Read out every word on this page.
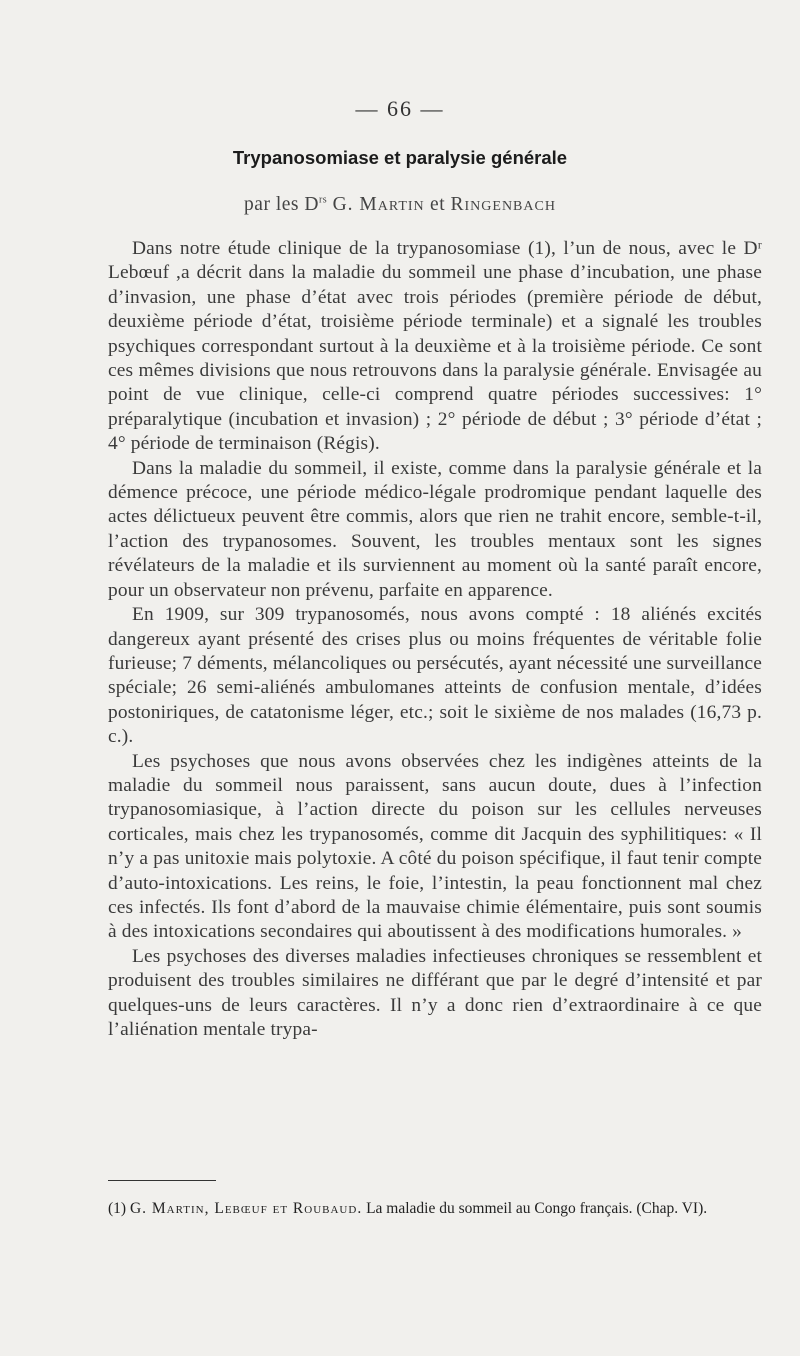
— 66 —
Trypanosomiase et paralysie générale
par les $D^{rs}$ G. Martin et Ringenbach

Dans notre étude clinique de la trypanosomiase (1), l’un de nous, avec le Dʳ Lebœuf ,a décrit dans la maladie du sommeil une phase d’incubation, une phase d’invasion, une phase d’état avec trois périodes (première période de début, deuxième période d’état, troisième période terminale) et a signalé les troubles psychiques correspondant surtout à la deuxième et à la troisième période. Ce sont ces mêmes divisions que nous retrouvons dans la paralysie générale. Envisagée au point de vue clinique, celle-ci comprend quatre périodes successives: 1° préparalytique (incubation et invasion) ; 2° période de début ; 3° période d’état ; 4° période de terminaison (Régis).

Dans la maladie du sommeil, il existe, comme dans la paralysie générale et la démence précoce, une période médico-légale prodromique pendant laquelle des actes délictueux peuvent être commis, alors que rien ne trahit encore, semble-t-il, l’action des trypanosomes. Souvent, les troubles mentaux sont les signes révélateurs de la maladie et ils surviennent au moment où la santé paraît encore, pour un observateur non prévenu, parfaite en apparence.

En 1909, sur 309 trypanosomés, nous avons compté : 18 aliénés excités dangereux ayant présenté des crises plus ou moins fréquentes de véritable folie furieuse; 7 déments, mélancoliques ou persécutés, ayant nécessité une surveillance spéciale; 26 semi-aliénés ambulomanes atteints de confusion mentale, d’idées postoniriques, de catatonisme léger, etc.; soit le sixième de nos malades (16,73 p. c.).

Les psychoses que nous avons observées chez les indigènes atteints de la maladie du sommeil nous paraissent, sans aucun doute, dues à l’infection trypanosomiasique, à l’action directe du poison sur les cellules nerveuses corticales, mais chez les trypanosomés, comme dit Jacquin des syphilitiques: « Il n’y a pas unitoxie mais polytoxie. A côté du poison spécifique, il faut tenir compte d’auto-intoxications. Les reins, le foie, l’intestin, la peau fonctionnent mal chez ces infectés. Ils font d’abord de la mauvaise chimie élémentaire, puis sont soumis à des intoxications secondaires qui aboutissent à des modifications humorales. »

Les psychoses des diverses maladies infectieuses chroniques se ressemblent et produisent des troubles similaires ne différant que par le degré d’intensité et par quelques-uns de leurs caractères. Il n’y a donc rien d’extraordinaire à ce que l’aliénation mentale trypa-

(1) G. Martin, Lebœuf et Roubaud. La maladie du sommeil au Congo français. (Chap. VI).
